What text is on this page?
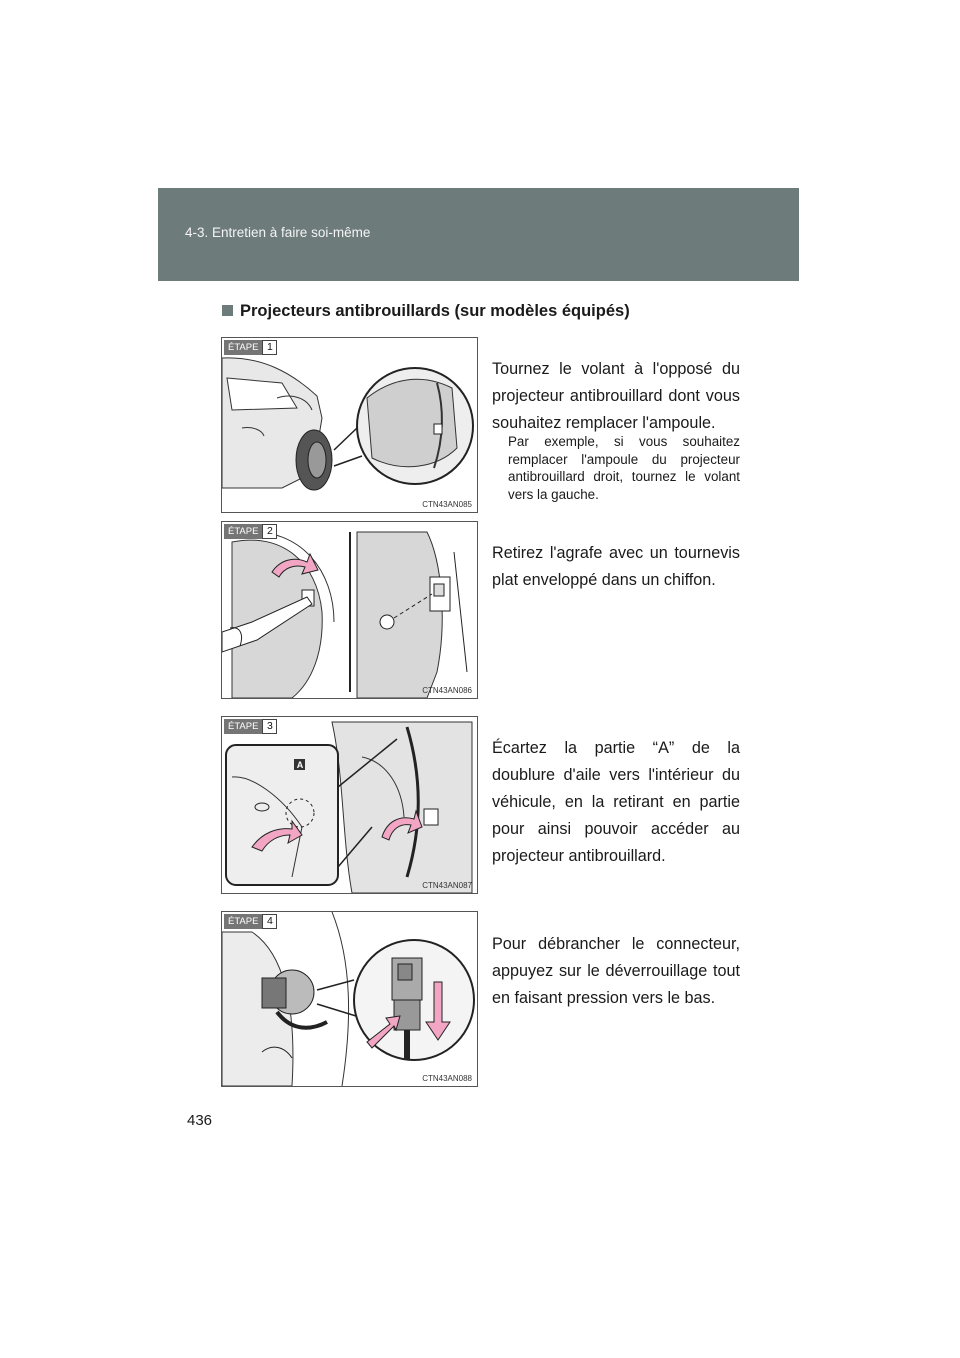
4-3. Entretien à faire soi-même
Projecteurs antibrouillards (sur modèles équipés)
ÉTAPE 1
CTN43AN085
Tournez le volant à l'opposé du projecteur antibrouillard dont vous souhaitez remplacer l'ampoule.
Par exemple, si vous souhaitez remplacer l'ampoule du projecteur antibrouillard droit, tournez le volant vers la gauche.
ÉTAPE 2
CTN43AN086
Retirez l'agrafe avec un tournevis plat enveloppé dans un chiffon.
ÉTAPE 3
A
CTN43AN087
Écartez la partie “A” de la doublure d'aile vers l'intérieur du véhicule, en la retirant en partie pour ainsi pouvoir accéder au projecteur antibrouillard.
ÉTAPE 4
CTN43AN088
Pour débrancher le connecteur, appuyez sur le déverrouillage tout en faisant pression vers le bas.
436
